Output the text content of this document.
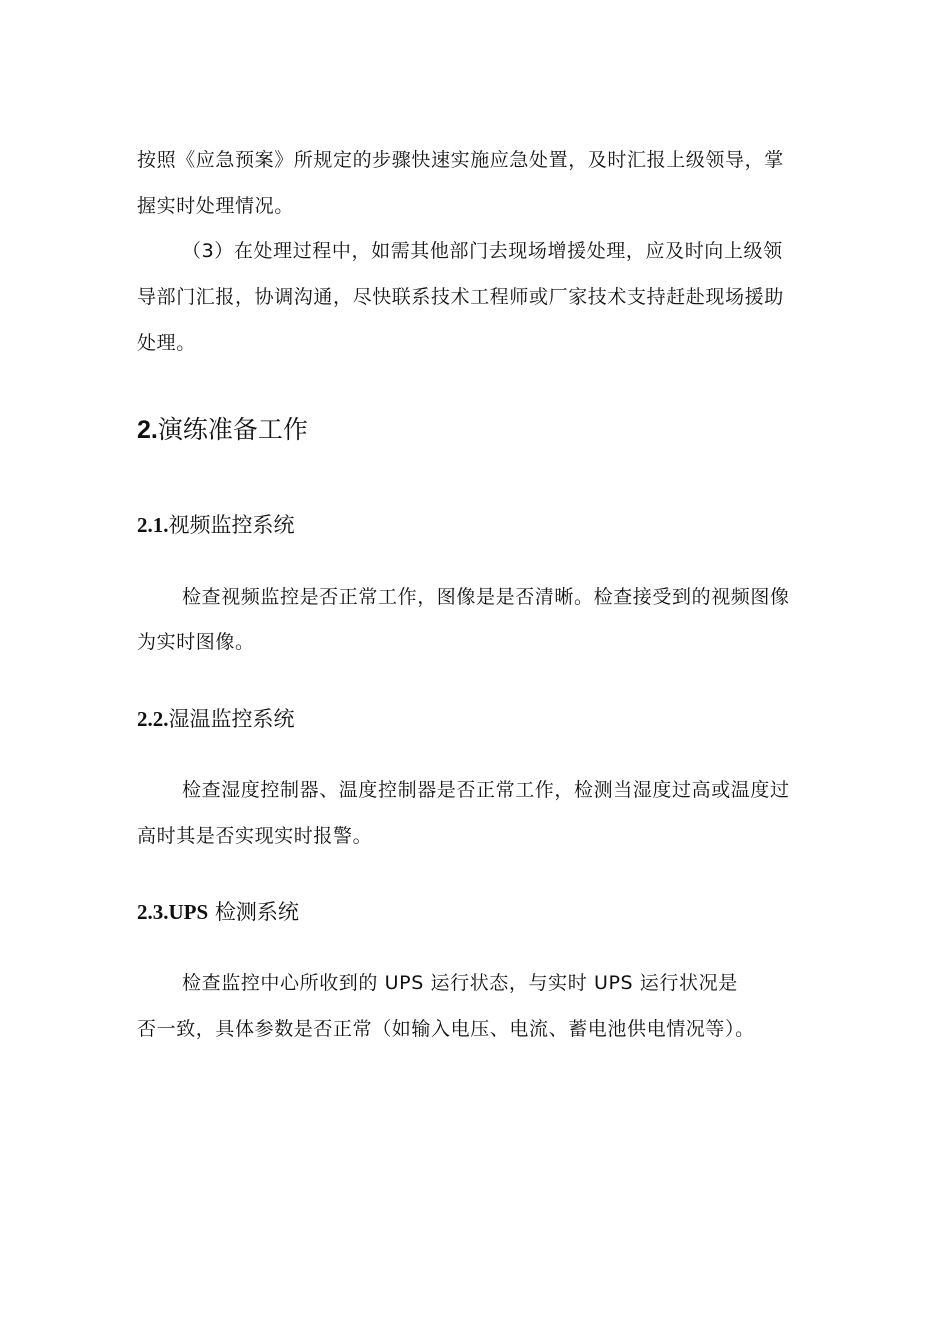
按照《应急预案》所规定的步骤快速实施应急处置，及时汇报上级领导，掌
握实时处理情况。
（3）在处理过程中，如需其他部门去现场增援处理，应及时向上级领
导部门汇报，协调沟通，尽快联系技术工程师或厂家技术支持赶赴现场援助
处理。
2.演练准备工作
2.1.视频监控系统
检查视频监控是否正常工作，图像是是否清晰。检查接受到的视频图像
为实时图像。
2.2.湿温监控系统
检查湿度控制器、温度控制器是否正常工作，检测当湿度过高或温度过
高时其是否实现实时报警。
2.3.UPS 检测系统
检查监控中心所收到的 UPS 运行状态，与实时 UPS 运行状况是
否一致，具体参数是否正常（如输入电压、电流、蓄电池供电情况等）。
